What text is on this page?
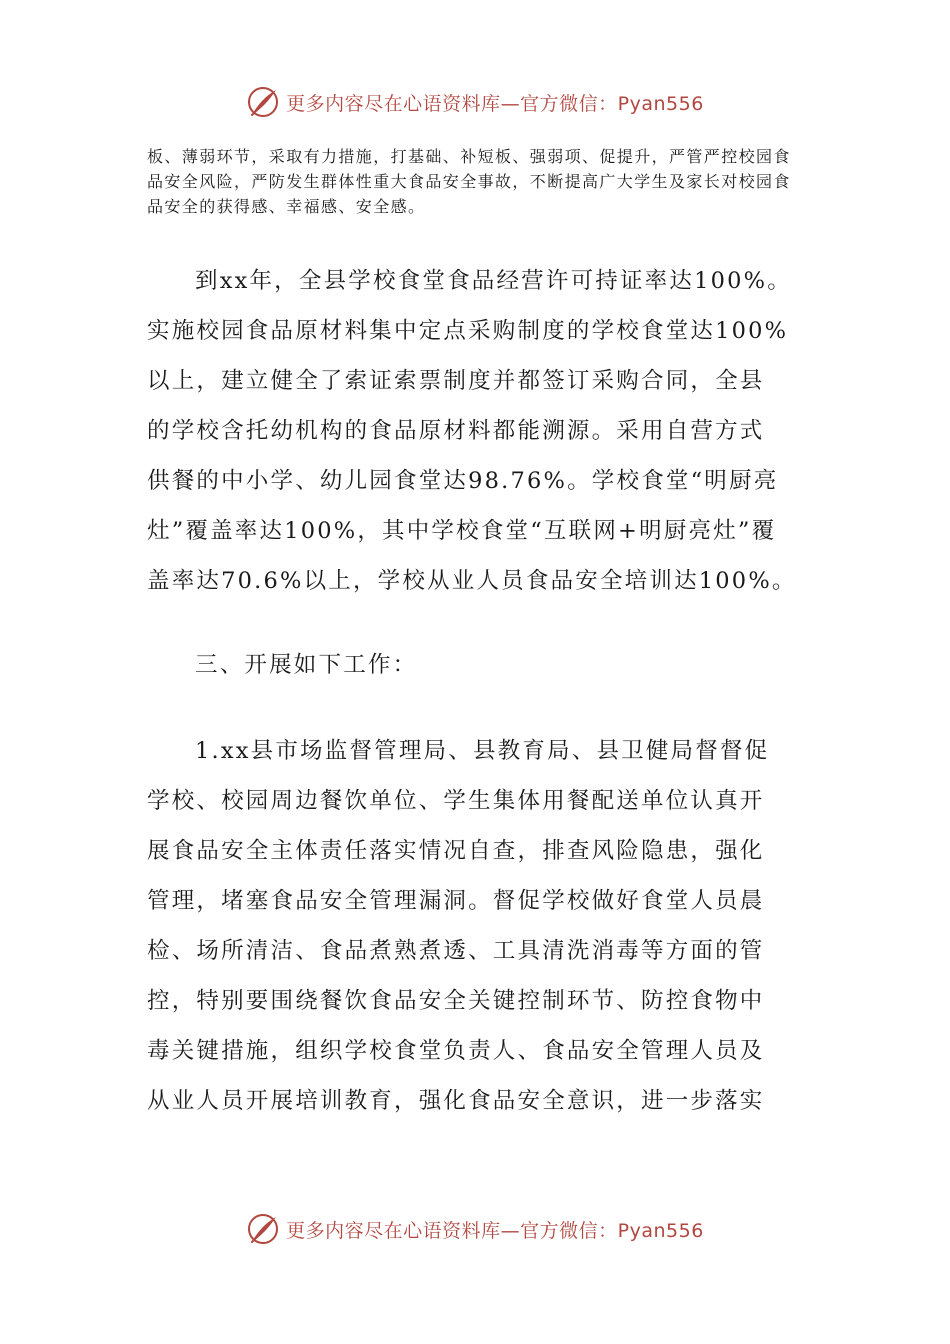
更多内容尽在心语资料库—官方微信：Pyan556

板、薄弱环节，采取有力措施，打基础、补短板、强弱项、促提升，严管严控校园食品安全风险，严防发生群体性重大食品安全事故，不断提高广大学生及家长对校园食品安全的获得感、幸福感、安全感。

到xx年，全县学校食堂食品经营许可持证率达100%。

实施校园食品原材料集中定点采购制度的学校食堂达100%

以上，建立健全了索证索票制度并都签订采购合同，全县

的学校含托幼机构的食品原材料都能溯源。采用自营方式

供餐的中小学、幼儿园食堂达98.76%。学校食堂“明厨亮

灶”覆盖率达100%，其中学校食堂“互联网+明厨亮灶”覆

盖率达70.6%以上，学校从业人员食品安全培训达100%。

三、开展如下工作：

1.xx县市场监督管理局、县教育局、县卫健局督督促

学校、校园周边餐饮单位、学生集体用餐配送单位认真开

展食品安全主体责任落实情况自查，排查风险隐患，强化

管理，堵塞食品安全管理漏洞。督促学校做好食堂人员晨

检、场所清洁、食品煮熟煮透、工具清洗消毒等方面的管

控，特别要围绕餐饮食品安全关键控制环节、防控食物中

毒关键措施，组织学校食堂负责人、食品安全管理人员及

从业人员开展培训教育，强化食品安全意识，进一步落实

更多内容尽在心语资料库—官方微信：Pyan556
